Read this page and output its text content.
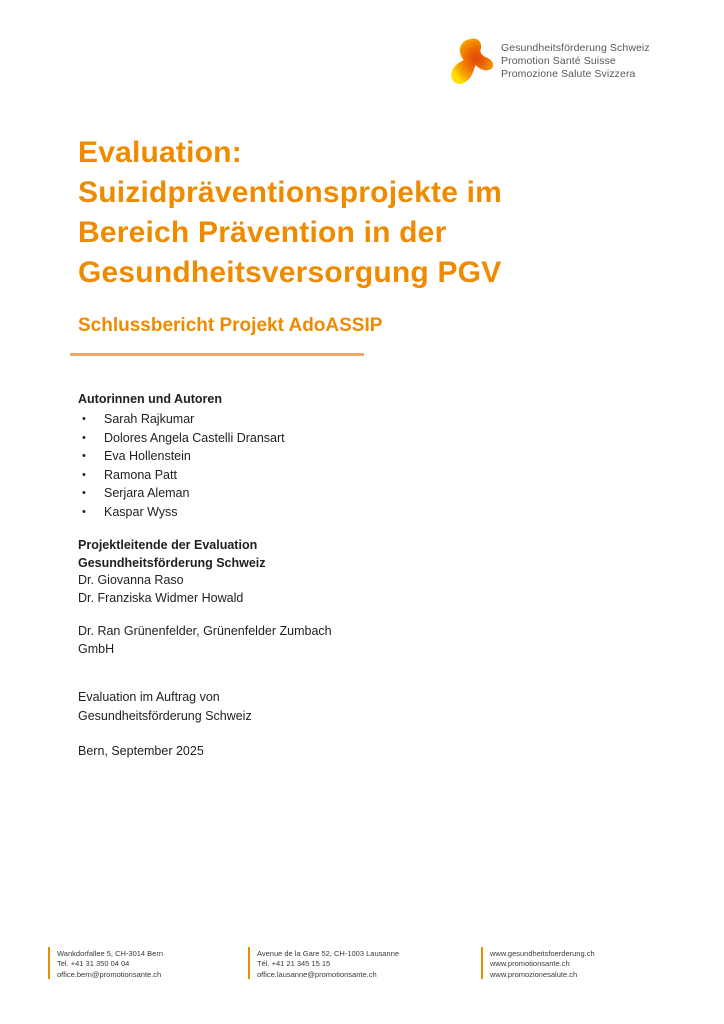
Gesundheitsförderung Schweiz
Promotion Santé Suisse
Promozione Salute Svizzera
Evaluation:
Suizidpräventionsprojekte im
Bereich Prävention in der
Gesundheitsversorgung PGV
Schlussbericht Projekt AdoASSIP
Autorinnen und Autoren
•	Sarah Rajkumar
•	Dolores Angela Castelli Dransart
•	Eva Hollenstein
•	Ramona Patt
•	Serjara Aleman
•	Kaspar Wyss
Projektleitende der Evaluation
Gesundheitsförderung Schweiz
Dr. Giovanna Raso
Dr. Franziska Widmer Howald
Dr. Ran Grünenfelder, Grünenfelder Zumbach
GmbH
Evaluation im Auftrag von
Gesundheitsförderung Schweiz
Bern, September 2025
Wankdorfallee 5, CH-3014 Bern
Tel. +41 31 350 04 04
office.bern@promotionsante.ch
Avenue de la Gare 52, CH-1003 Lausanne
Tél. +41 21 345 15 15
office.lausanne@promotionsante.ch
www.gesundheitsfoerderung.ch
www.promotionsante.ch
www.promozionesalute.ch
